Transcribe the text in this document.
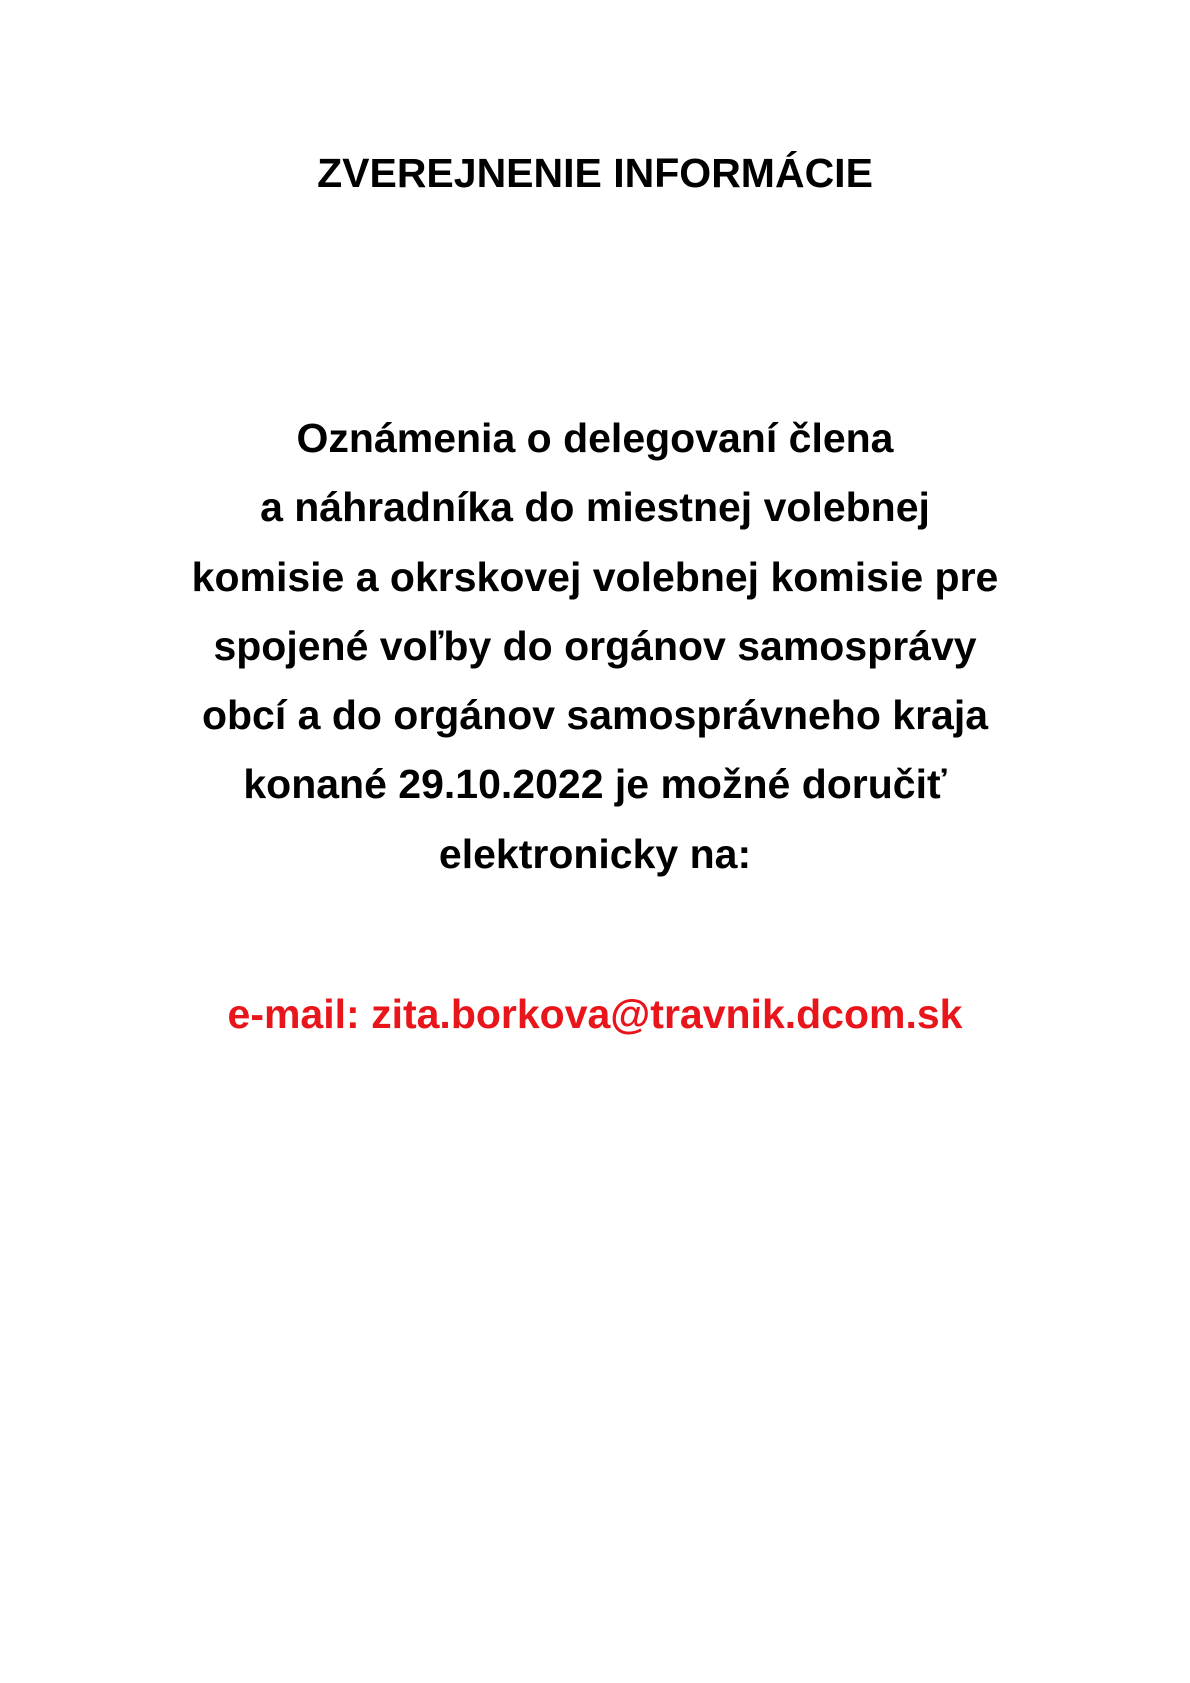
ZVEREJNENIE INFORMÁCIE
Oznámenia o delegovaní člena
a náhradníka do miestnej volebnej
komisie a okrskovej volebnej komisie pre
spojené voľby do orgánov samosprávy
obcí a do orgánov samosprávneho kraja
konané 29.10.2022 je možné doručiť
elektronicky na:
e-mail: zita.borkova@travnik.dcom.sk
